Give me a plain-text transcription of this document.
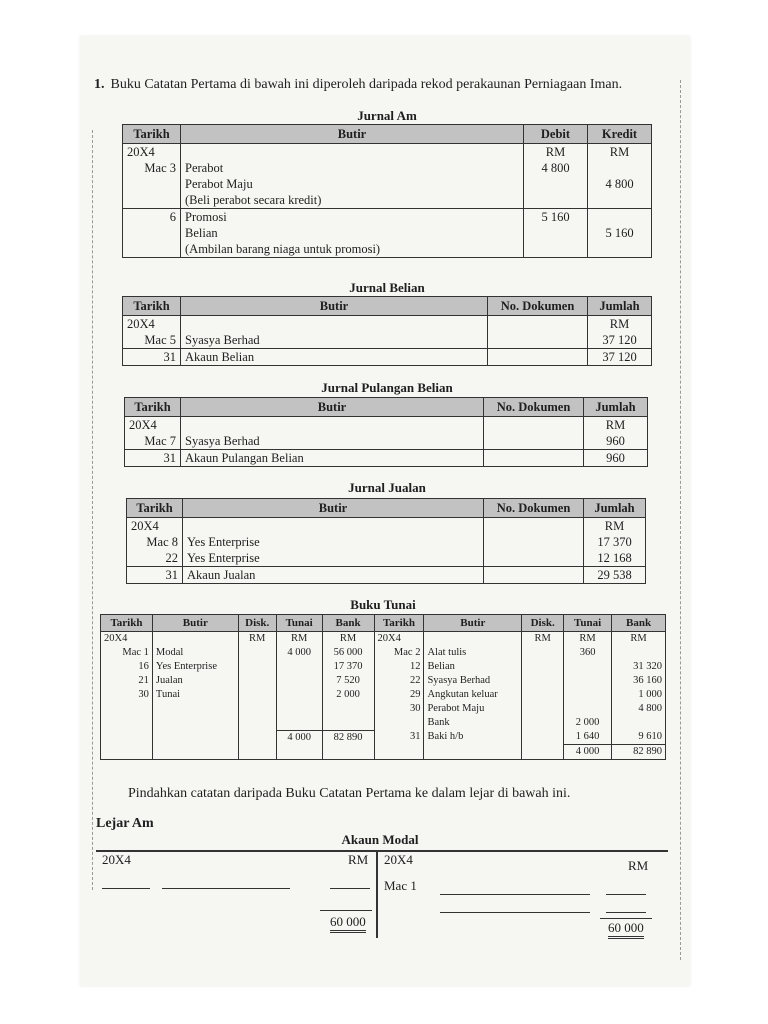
1. Buku Catatan Pertama di bawah ini diperoleh daripada rekod perakaunan Perniagaan Iman.
Jurnal Am
Tarikh	Butir	Debit	Kredit
20X4		RM	RM
Mac 3	Perabot	4 800	
	Perabot Maju		4 800
	(Beli perabot secara kredit)		
6	Promosi	5 160	
	Belian		5 160
	(Ambilan barang niaga untuk promosi)		
Jurnal Belian
Tarikh	Butir	No. Dokumen	Jumlah
20X4			RM
Mac 5	Syasya Berhad		37 120
31	Akaun Belian		37 120
Jurnal Pulangan Belian
Tarikh	Butir	No. Dokumen	Jumlah
20X4			RM
Mac 7	Syasya Berhad		960
31	Akaun Pulangan Belian		960
Jurnal Jualan
Tarikh	Butir	No. Dokumen	Jumlah
20X4			RM
Mac 8	Yes Enterprise		17 370
22	Yes Enterprise		12 168
31	Akaun Jualan		29 538
Buku Tunai
Tarikh	Butir	Disk.	Tunai	Bank	Tarikh	Butir	Disk.	Tunai	Bank
20X4		RM	RM	RM	20X4		RM	RM	RM
Mac 1	Modal		4 000	56 000	Mac 2	Alat tulis		360	
16	Yes Enterprise			17 370	12	Belian			31 320
21	Jualan			7 520	22	Syasya Berhad			36 160
30	Tunai			2 000	29	Angkutan keluar			1 000
					30	Perabot Maju			4 800
						Bank		2 000	
			4 000	82 890	31	Baki h/b		1 640	9 610
								4 000	82 890
Pindahkan catatan daripada Buku Catatan Pertama ke dalam lejar di bawah ini.
Lejar Am
Akaun Modal
20X4	RM 20X4	RM
Mac 1
60 000	60 000
